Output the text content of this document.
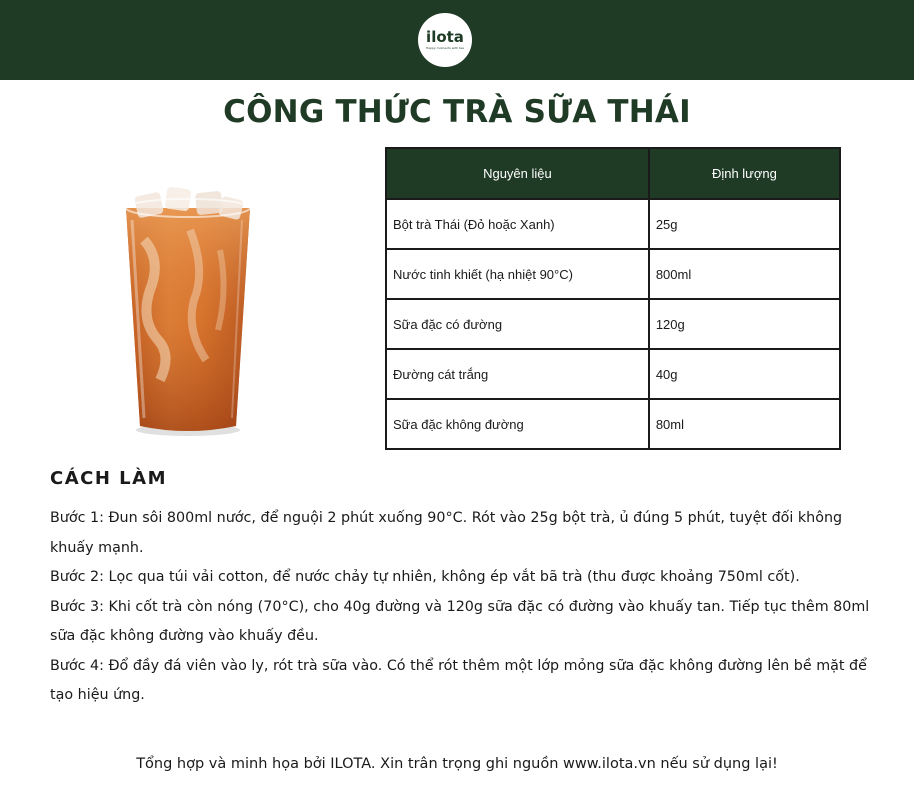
ilota
Happy moments with tea
CÔNG THỨC TRÀ SỮA THÁI
Nguyên liệu	Định lượng
Bột trà Thái (Đỏ hoặc Xanh)	25g
Nước tinh khiết (hạ nhiệt 90°C)	800ml
Sữa đặc có đường	120g
Đường cát trắng	40g
Sữa đặc không đường	80ml
CÁCH LÀM

Bước 1: Đun sôi 800ml nước, để nguội 2 phút xuống 90°C. Rót vào 25g bột trà, ủ đúng 5 phút, tuyệt đối không khuấy mạnh.

Bước 2: Lọc qua túi vải cotton, để nước chảy tự nhiên, không ép vắt bã trà (thu được khoảng 750ml cốt).

Bước 3: Khi cốt trà còn nóng (70°C), cho 40g đường và 120g sữa đặc có đường vào khuấy tan. Tiếp tục thêm 80ml sữa đặc không đường vào khuấy đều.

Bước 4: Đổ đầy đá viên vào ly, rót trà sữa vào. Có thể rót thêm một lớp mỏng sữa đặc không đường lên bề mặt để tạo hiệu ứng.

Tổng hợp và minh họa bởi ILOTA. Xin trân trọng ghi nguồn www.ilota.vn nếu sử dụng lại!
